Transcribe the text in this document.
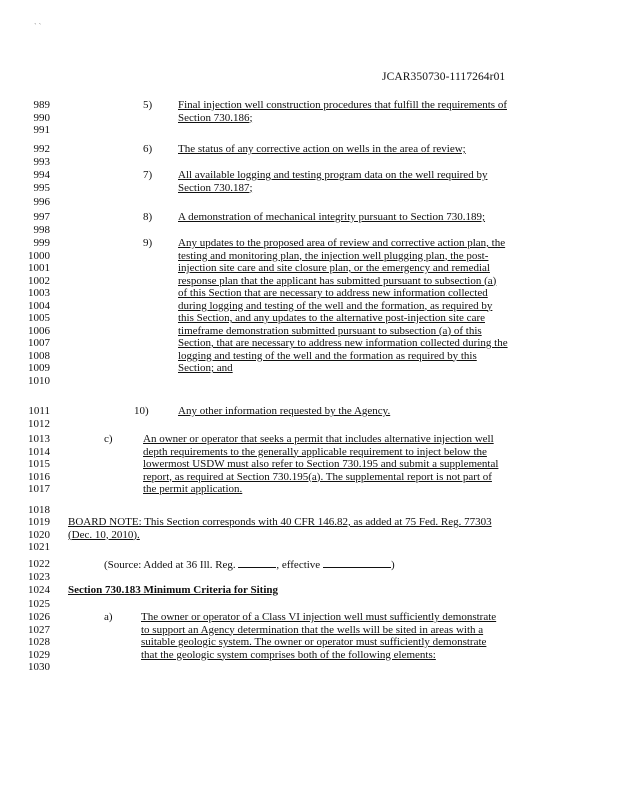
` `
JCAR350730-1117264r01
989
990
991
992
993
994
995
996
997
998
999
1000
1001
1002
1003
1004
1005
1006
1007
1008
1009
1010
1011
1012
1013
1014
1015
1016
1017
1018
1019
1020
1021
1022
1023
1024
1025
1026
1027
1028
1029
1030
5) Final injection well construction procedures that fulfill the requirements of
Section 730.186;
6) The status of any corrective action on wells in the area of review;
7) All available logging and testing program data on the well required by
Section 730.187;
8) A demonstration of mechanical integrity pursuant to Section 730.189;
9) Any updates to the proposed area of review and corrective action plan, the
testing and monitoring plan, the injection well plugging plan, the post-
injection site care and site closure plan, or the emergency and remedial
response plan that the applicant has submitted pursuant to subsection (a)
of this Section that are necessary to address new information collected
during logging and testing of the well and the formation, as required by
this Section, and any updates to the alternative post-injection site care
timeframe demonstration submitted pursuant to subsection (a) of this
Section, that are necessary to address new information collected during the
logging and testing of the well and the formation as required by this
Section; and
10)	Any other information requested by the Agency.
c)	An owner or operator that seeks a permit that includes alternative injection well
depth requirements to the generally applicable requirement to inject below the
lowermost USDW must also refer to Section 730.195 and submit a supplemental
report, as required at Section 730.195(a). The supplemental report is not part of
the permit application.
BOARD NOTE: This Section corresponds with 40 CFR 146.82, as added at 75 Fed. Reg. 77303
(Dec. 10, 2010).
(Source: Added at 36 Ill. Reg.	, effective	)
Section 730.183 Minimum Criteria for Siting
a)	The owner or operator of a Class VI injection well must sufficiently demonstrate
to support an Agency determination that the wells will be sited in areas with a
suitable geologic system. The owner or operator must sufficiently demonstrate
that the geologic system comprises both of the following elements:
